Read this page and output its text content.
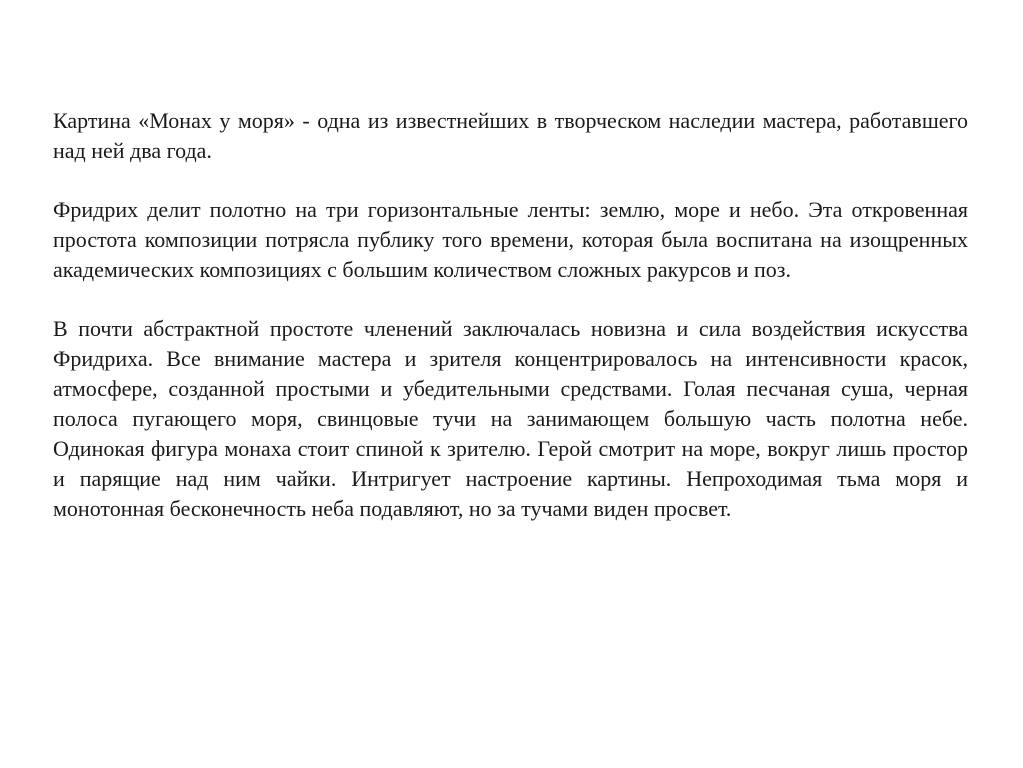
Картина «Монах у моря» - одна из известнейших в творческом наследии мастера, работавшего над ней два года.

Фридрих делит полотно на три горизонтальные ленты: землю, море и небо. Эта откровенная простота композиции потрясла публику того времени, которая была воспитана на изощренных академических композициях с большим количеством сложных ракурсов и поз.

В почти абстрактной простоте членений заключалась новизна и сила воздействия искусства Фридриха. Все внимание мастера и зрителя концентрировалось на интенсивности красок, атмосфере, созданной простыми и убедительными средствами. Голая песчаная суша, черная полоса пугающего моря, свинцовые тучи на занимающем большую часть полотна небе. Одинокая фигура монаха стоит спиной к зрителю. Герой смотрит на море, вокруг лишь простор и парящие над ним чайки. Интригует настроение картины. Непроходимая тьма моря и монотонная бесконечность неба подавляют, но за тучами виден просвет.
